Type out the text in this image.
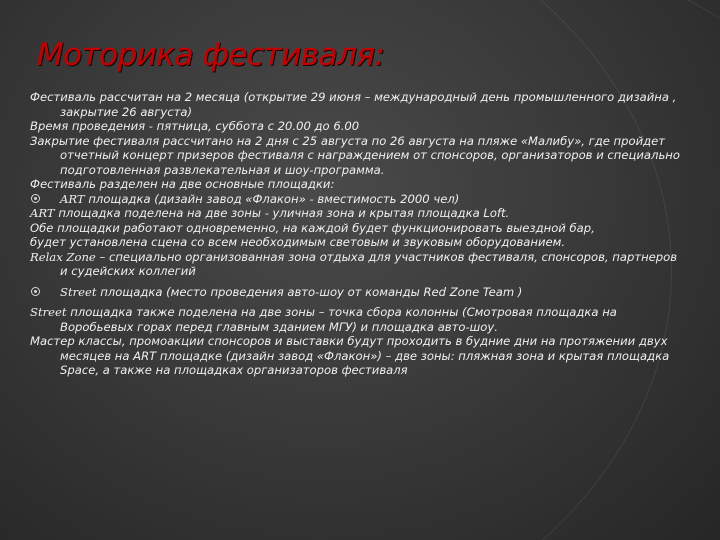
Моторика фестиваля:
Фестиваль рассчитан на 2 месяца (открытие 29 июня – международный день промышленного дизайна , закрытие 26 августа)
Время проведения - пятница, суббота с 20.00 до 6.00
Закрытие фестиваля рассчитано на 2 дня с 25 августа по 26 августа на пляже «Малибу», где пройдет отчетный концерт призеров фестиваля с награждением от спонсоров, организаторов и специально подготовленная развлекательная и шоу-программа.
Фестиваль разделен на две основные площадки:
ART площадка (дизайн завод «Флакон» - вместимость 2000 чел)
ART площадка поделена на две зоны - уличная зона и крытая площадка Loft.
Обе площадки работают одновременно, на каждой будет функционировать выездной бар,
будет установлена сцена со всем необходимым световым и звуковым оборудованием.
Relax Zone – специально организованная зона отдыха для участников фестиваля, спонсоров, партнеров и судейских коллегий
Street площадка (место проведения авто-шоу от команды Red Zone Team )
Street площадка также поделена на две зоны – точка сбора колонны (Смотровая площадка на Воробьевых горах перед главным зданием МГУ) и площадка авто-шоу.
Мастер классы, промоакции спонсоров и выставки будут проходить в будние дни на протяжении двух месяцев на ART площадке (дизайн завод «Флакон») – две зоны: пляжная зона и крытая площадка Space, а также на площадках организаторов фестиваля
